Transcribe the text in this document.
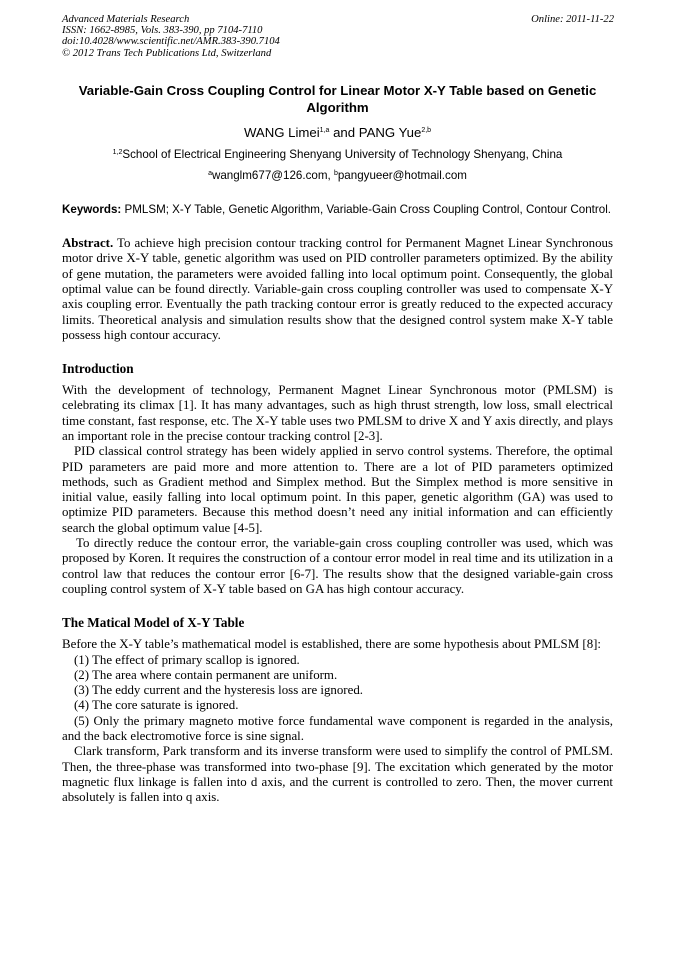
Advanced Materials Research
ISSN: 1662-8985, Vols. 383-390, pp 7104-7110
doi:10.4028/www.scientific.net/AMR.383-390.7104
© 2012 Trans Tech Publications Ltd, Switzerland
Online: 2011-11-22
Variable-Gain Cross Coupling Control for Linear Motor X-Y Table based on Genetic Algorithm
WANG Limei$^{1,a}$ and PANG Yue$^{2,b}$
$^{1,2}$School of Electrical Engineering Shenyang University of Technology Shenyang, China
$^a$wanglm677@126.com, $^b$pangyueer@hotmail.com
Keywords: PMLSM; X-Y Table, Genetic Algorithm, Variable-Gain Cross Coupling Control, Contour Control.

Abstract. To achieve high precision contour tracking control for Permanent Magnet Linear Synchronous motor drive X-Y table, genetic algorithm was used on PID controller parameters optimized. By the ability of gene mutation, the parameters were avoided falling into local optimum point. Consequently, the global optimal value can be found directly. Variable-gain cross coupling controller was used to compensate X-Y axis coupling error. Eventually the path tracking contour error is greatly reduced to the expected accuracy limits. Theoretical analysis and simulation results show that the designed control system make X-Y table possess high contour accuracy.

Introduction

With the development of technology, Permanent Magnet Linear Synchronous motor (PMLSM) is celebrating its climax [1]. It has many advantages, such as high thrust strength, low loss, small electrical time constant, fast response, etc. The X-Y table uses two PMLSM to drive X and Y axis directly, and plays an important role in the precise contour tracking control [2-3].

PID classical control strategy has been widely applied in servo control systems. Therefore, the optimal PID parameters are paid more and more attention to. There are a lot of PID parameters optimized methods, such as Gradient method and Simplex method. But the Simplex method is more sensitive in initial value, easily falling into local optimum point. In this paper, genetic algorithm (GA) was used to optimize PID parameters. Because this method doesn’t need any initial information and can efficiently search the global optimum value [4-5].

To directly reduce the contour error, the variable-gain cross coupling controller was used, which was proposed by Koren. It requires the construction of a contour error model in real time and its utilization in a control law that reduces the contour error [6-7]. The results show that the designed variable-gain cross coupling control system of X-Y table based on GA has high contour accuracy.

The Matical Model of X-Y Table

Before the X-Y table’s mathematical model is established, there are some hypothesis about PMLSM [8]:

(1) The effect of primary scallop is ignored.

(2) The area where contain permanent are uniform.

(3) The eddy current and the hysteresis loss are ignored.

(4) The core saturate is ignored.

(5) Only the primary magneto motive force fundamental wave component is regarded in the analysis, and the back electromotive force is sine signal.

Clark transform, Park transform and its inverse transform were used to simplify the control of PMLSM. Then, the three-phase was transformed into two-phase [9]. The excitation which generated by the motor magnetic flux linkage is fallen into d axis, and the current is controlled to zero. Then, the mover current absolutely is fallen into q axis.
